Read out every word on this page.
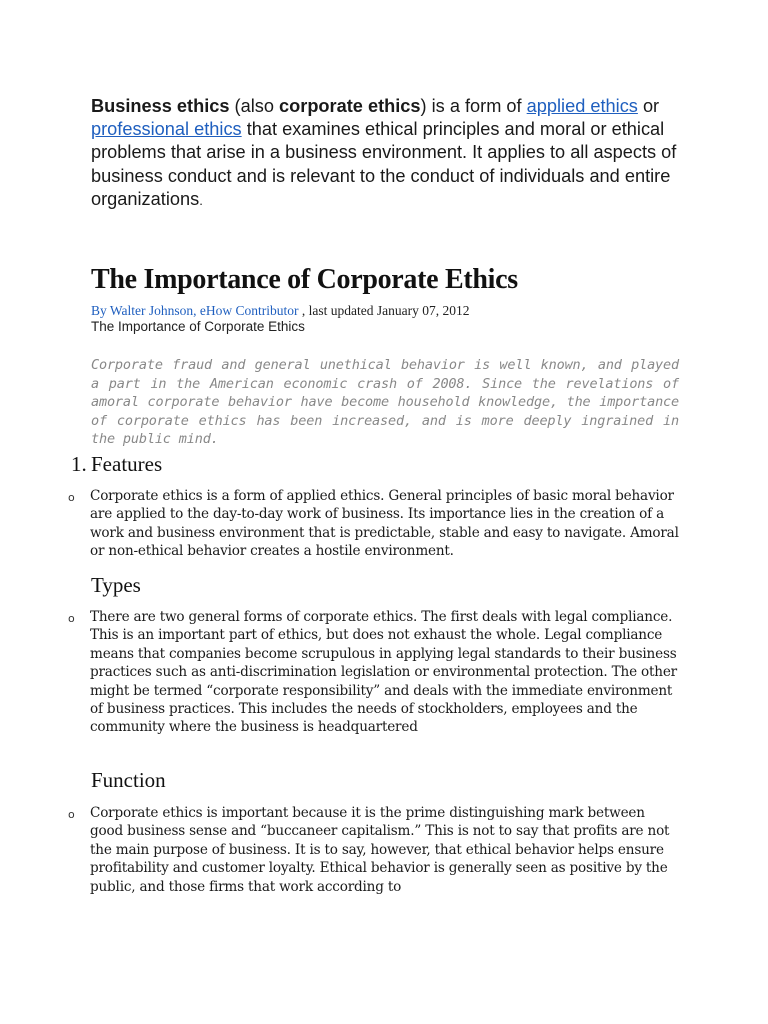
Business ethics (also corporate ethics) is a form of applied ethics or professional ethics that examines ethical principles and moral or ethical problems that arise in a business environment. It applies to all aspects of business conduct and is relevant to the conduct of individuals and entire organizations.

The Importance of Corporate Ethics
By Walter Johnson, eHow Contributor , last updated January 07, 2012
The Importance of Corporate Ethics

Corporate fraud and general unethical behavior is well known, and played a part in the American economic crash of 2008. Since the revelations of amoral corporate behavior have become household knowledge, the importance of corporate ethics has been increased, and is more deeply ingrained in the public mind.

1. Features
o Corporate ethics is a form of applied ethics. General principles of basic moral behavior are applied to the day-to-day work of business. Its importance lies in the creation of a work and business environment that is predictable, stable and easy to navigate. Amoral or non-ethical behavior creates a hostile environment.

Types
o There are two general forms of corporate ethics. The first deals with legal compliance. This is an important part of ethics, but does not exhaust the whole. Legal compliance means that companies become scrupulous in applying legal standards to their business practices such as anti-discrimination legislation or environmental protection. The other might be termed “corporate responsibility” and deals with the immediate environment of business practices. This includes the needs of stockholders, employees and the community where the business is headquartered

Function
o Corporate ethics is important because it is the prime distinguishing mark between good business sense and “buccaneer capitalism.” This is not to say that profits are not the main purpose of business. It is to say, however, that ethical behavior helps ensure profitability and customer loyalty. Ethical behavior is generally seen as positive by the public, and those firms that work according to
